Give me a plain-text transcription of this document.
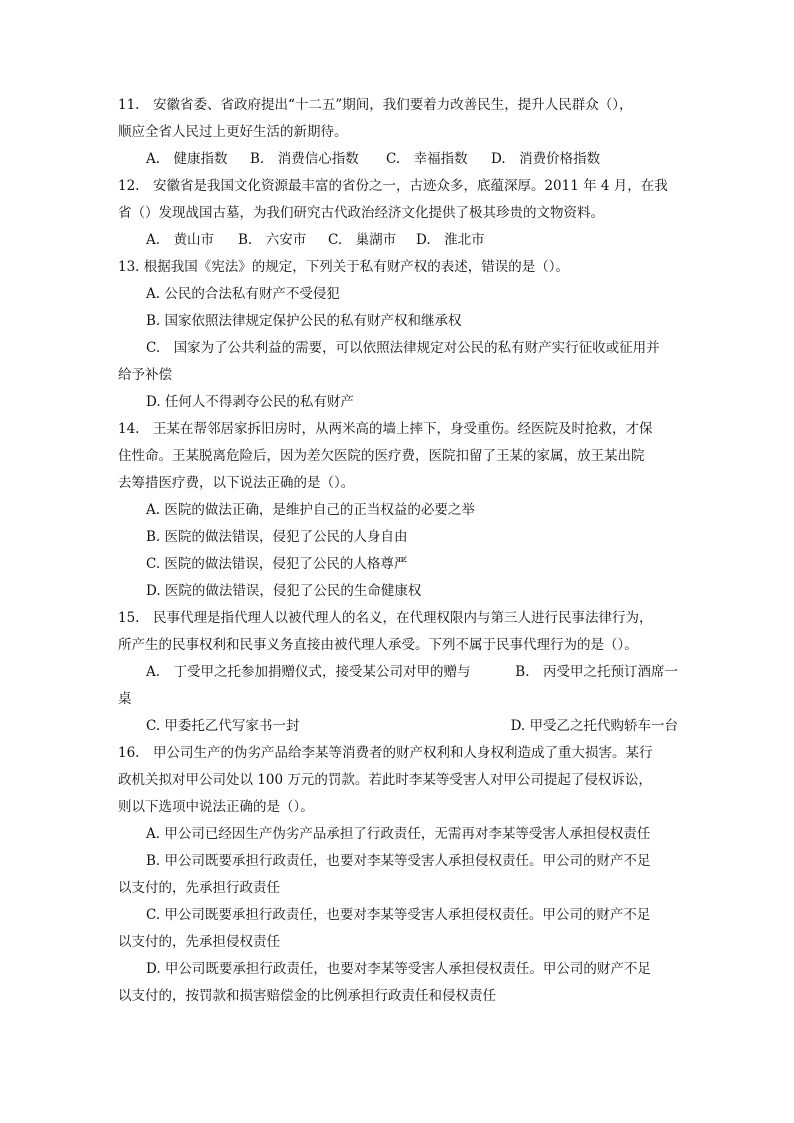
11.　安徽省委、省政府提出“十二五”期间，我们要着力改善民生，提升人民群众（），
顺应全省人民过上更好生活的新期待。
A.　健康指数	B.　消费信心指数	C.　幸福指数	D.　消费价格指数
12.　安徽省是我国文化资源最丰富的省份之一，古迹众多，底蕴深厚。2011 年 4 月，在我
省（）发现战国古墓，为我们研究古代政治经济文化提供了极其珍贵的文物资料。
A.　黄山市	B.　六安市	C.　巢湖市	D.　淮北市
13. 根据我国《宪法》的规定，下列关于私有财产权的表述，错误的是（）。
A. 公民的合法私有财产不受侵犯
B. 国家依照法律规定保护公民的私有财产权和继承权
C.　国家为了公共利益的需要，可以依照法律规定对公民的私有财产实行征收或征用并
给予补偿
D. 任何人不得剥夺公民的私有财产
14.　王某在帮邻居家拆旧房时，从两米高的墙上摔下，身受重伤。经医院及时抢救，才保
住性命。王某脱离危险后，因为差欠医院的医疗费，医院扣留了王某的家属，放王某出院
去筹措医疗费，以下说法正确的是（）。
A. 医院的做法正确，是维护自己的正当权益的必要之举
B. 医院的做法错误，侵犯了公民的人身自由
C. 医院的做法错误，侵犯了公民的人格尊严
D. 医院的做法错误，侵犯了公民的生命健康权
15.　民事代理是指代理人以被代理人的名义，在代理权限内与第三人进行民事法律行为，
所产生的民事权利和民事义务直接由被代理人承受。下列不属于民事代理行为的是（）。
A.　丁受甲之托参加捐赠仪式，接受某公司对甲的赠与	B.　丙受甲之托预订酒席一
桌
C. 甲委托乙代写家书一封	D. 甲受乙之托代购轿车一台
16.　甲公司生产的伪劣产品给李某等消费者的财产权利和人身权利造成了重大损害。某行
政机关拟对甲公司处以 100 万元的罚款。若此时李某等受害人对甲公司提起了侵权诉讼，
则以下选项中说法正确的是（）。
A. 甲公司已经因生产伪劣产品承担了行政责任，无需再对李某等受害人承担侵权责任
B. 甲公司既要承担行政责任，也要对李某等受害人承担侵权责任。甲公司的财产不足
以支付的，先承担行政责任
C. 甲公司既要承担行政责任，也要对李某等受害人承担侵权责任。甲公司的财产不足
以支付的，先承担侵权责任
D. 甲公司既要承担行政责任，也要对李某等受害人承担侵权责任。甲公司的财产不足
以支付的，按罚款和损害赔偿金的比例承担行政责任和侵权责任
